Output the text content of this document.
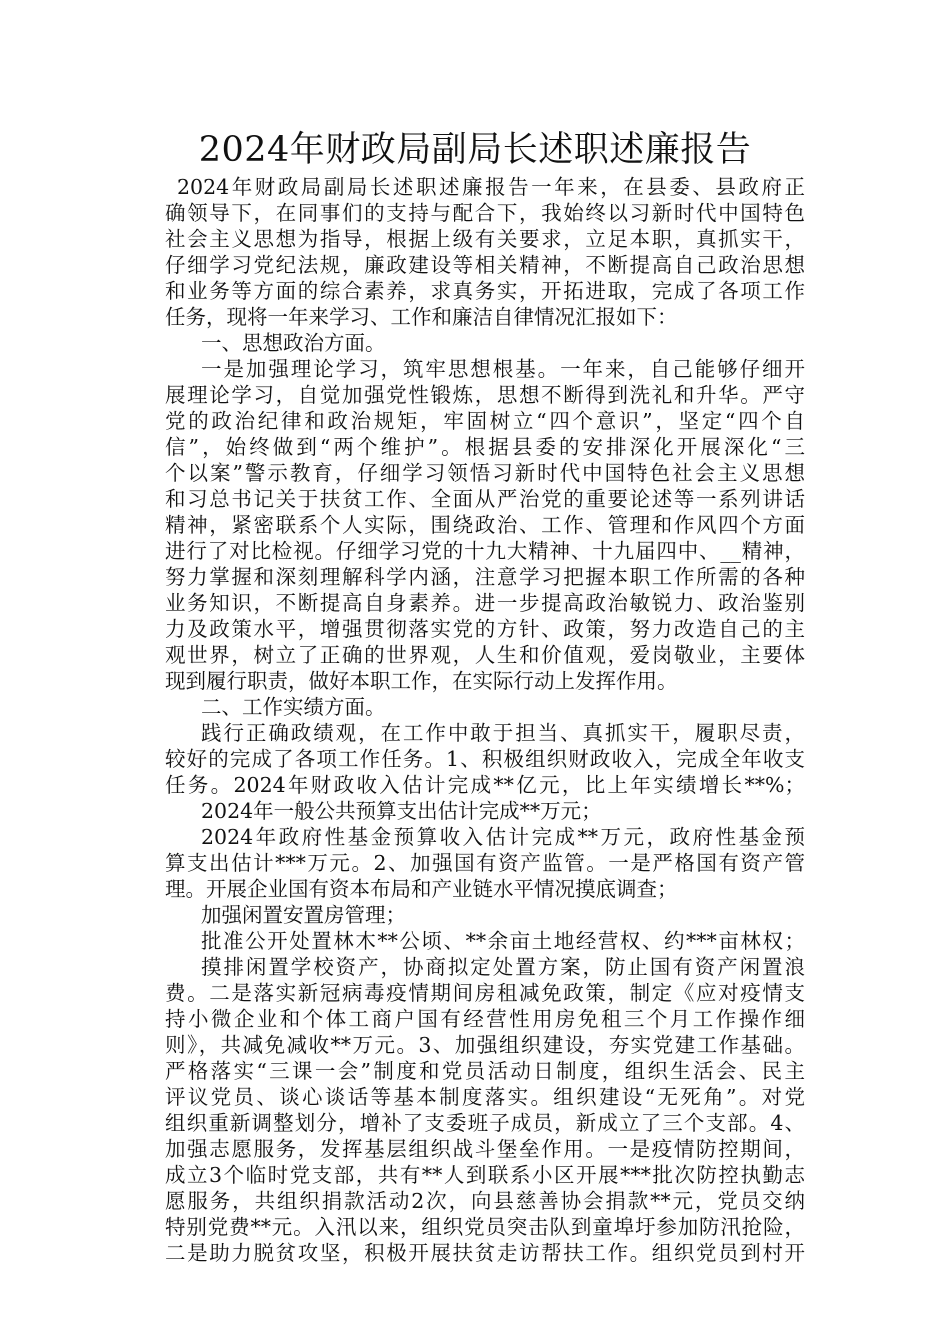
2024年财政局副局长述职述廉报告
2024年财政局副局长述职述廉报告一年来，在县委、县政府正
确领导下，在同事们的支持与配合下，我始终以习新时代中国特色
社会主义思想为指导，根据上级有关要求，立足本职，真抓实干，
仔细学习党纪法规，廉政建设等相关精神，不断提高自己政治思想
和业务等方面的综合素养，求真务实，开拓进取，完成了各项工作
任务，现将一年来学习、工作和廉洁自律情况汇报如下：
一、思想政治方面。
一是加强理论学习，筑牢思想根基。一年来，自己能够仔细开
展理论学习，自觉加强党性锻炼，思想不断得到洗礼和升华。严守
党的政治纪律和政治规矩，牢固树立“四个意识”，坚定“四个自
信”，始终做到“两个维护”。根据县委的安排深化开展深化“三
个以案”警示教育，仔细学习领悟习新时代中国特色社会主义思想
和习总书记关于扶贫工作、全面从严治党的重要论述等一系列讲话
精神，紧密联系个人实际，围绕政治、工作、管理和作风四个方面
进行了对比检视。仔细学习党的十九大精神、十九届四中、__精神，
努力掌握和深刻理解科学内涵，注意学习把握本职工作所需的各种
业务知识，不断提高自身素养。进一步提高政治敏锐力、政治鉴别
力及政策水平，增强贯彻落实党的方针、政策，努力改造自己的主
观世界，树立了正确的世界观，人生和价值观，爱岗敬业，主要体
现到履行职责，做好本职工作，在实际行动上发挥作用。
二、工作实绩方面。
践行正确政绩观，在工作中敢于担当、真抓实干，履职尽责，
较好的完成了各项工作任务。1、积极组织财政收入，完成全年收支
任务。2024年财政收入估计完成**亿元，比上年实绩增长**%；
2024年一般公共预算支出估计完成**万元；
2024年政府性基金预算收入估计完成**万元，政府性基金预
算支出估计***万元。2、加强国有资产监管。一是严格国有资产管
理。开展企业国有资本布局和产业链水平情况摸底调查；
加强闲置安置房管理；
批准公开处置林木**公顷、**余亩土地经营权、约***亩林权；
摸排闲置学校资产，协商拟定处置方案，防止国有资产闲置浪
费。二是落实新冠病毒疫情期间房租减免政策，制定《应对疫情支
持小微企业和个体工商户国有经营性用房免租三个月工作操作细
则》，共减免减收**万元。3、加强组织建设，夯实党建工作基础。
严格落实“三课一会”制度和党员活动日制度，组织生活会、民主
评议党员、谈心谈话等基本制度落实。组织建设“无死角”。对党
组织重新调整划分，增补了支委班子成员，新成立了三个支部。4、
加强志愿服务，发挥基层组织战斗堡垒作用。一是疫情防控期间，
成立3个临时党支部，共有**人到联系小区开展***批次防控执勤志
愿服务，共组织捐款活动2次，向县慈善协会捐款**元，党员交纳
特别党费**元。入汛以来，组织党员突击队到童埠圩参加防汛抢险，
二是助力脱贫攻坚，积极开展扶贫走访帮扶工作。组织党员到村开
